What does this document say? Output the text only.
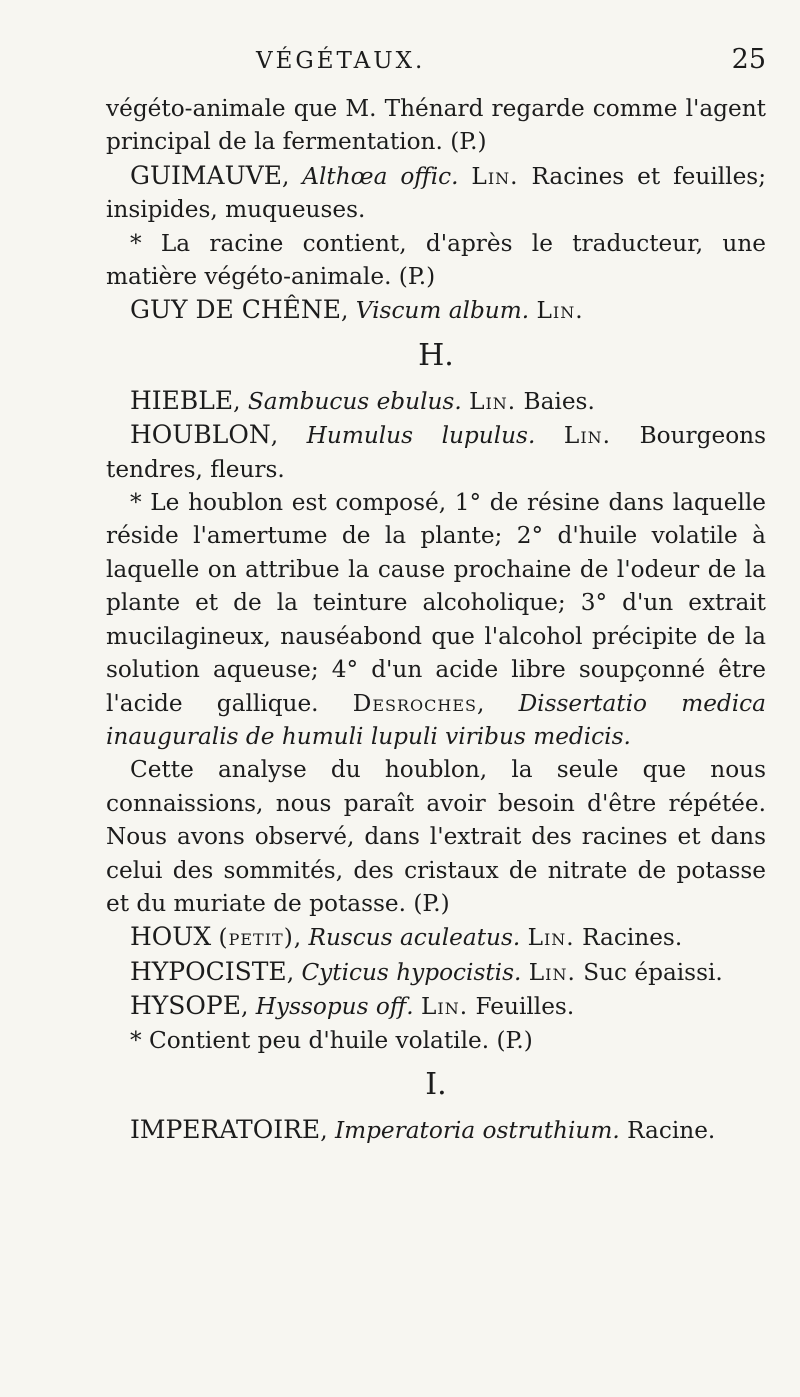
VÉGÉTAUX.	25

végéto-animale que M. Thénard regarde comme l'agent principal de la fermentation. (P.)

GUIMAUVE, Althœa offic. Lin. Racines et feuilles; insipides, muqueuses.

* La racine contient, d'après le traducteur, une matière végéto-animale. (P.)

GUY DE CHÊNE, Viscum album. Lin.

H.

HIEBLE, Sambucus ebulus. Lin. Baies.

HOUBLON, Humulus lupulus. Lin. Bourgeons tendres, fleurs.

* Le houblon est composé, 1° de résine dans laquelle réside l'amertume de la plante; 2° d'huile volatile à laquelle on attribue la cause prochaine de l'odeur de la plante et de la teinture alcoholique; 3° d'un extrait mucilagineux, nauséabond que l'alcohol précipite de la solution aqueuse; 4° d'un acide libre soupçonné être l'acide gallique. Desroches, Dissertatio medica inauguralis de humuli lupuli viribus medicis.

Cette analyse du houblon, la seule que nous connaissions, nous paraît avoir besoin d'être répétée. Nous avons observé, dans l'extrait des racines et dans celui des sommités, des cristaux de nitrate de potasse et du muriate de potasse. (P.)

HOUX (petit), Ruscus aculeatus. Lin. Racines.

HYPOCISTE, Cyticus hypocistis. Lin. Suc épaissi.

HYSOPE, Hyssopus off. Lin. Feuilles.

* Contient peu d'huile volatile. (P.)

I.

IMPERATOIRE, Imperatoria ostruthium. Racine.
